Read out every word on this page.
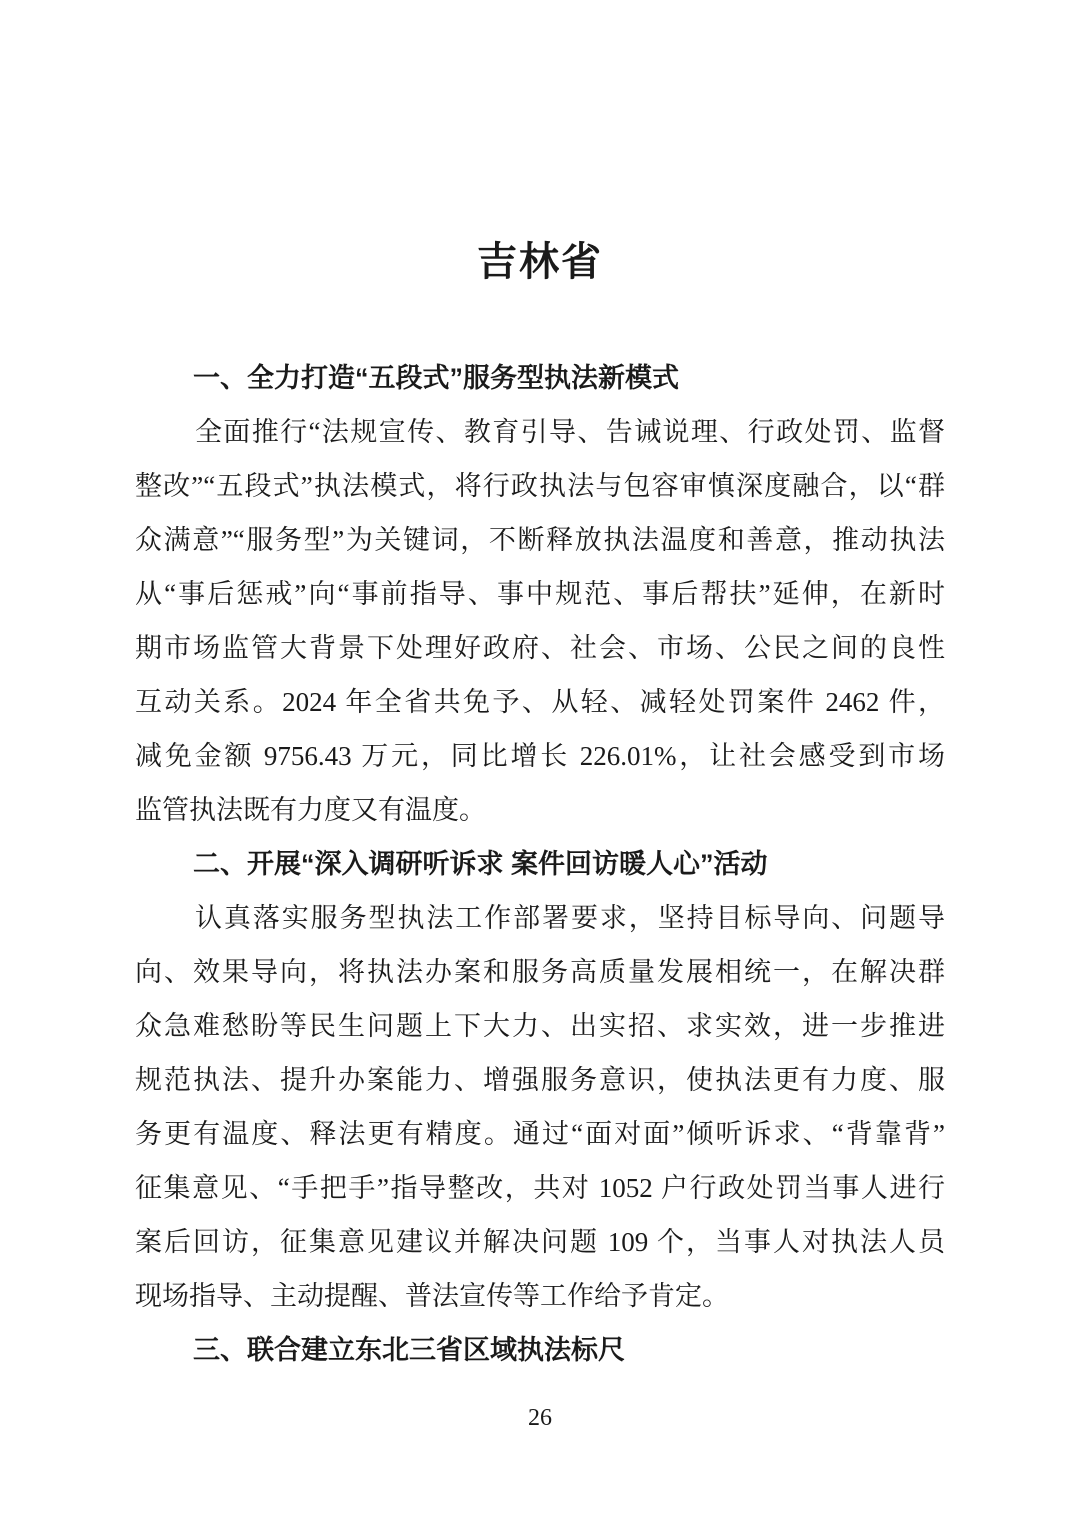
吉林省
一、全力打造“五段式”服务型执法新模式
全面推行“法规宣传、教育引导、告诫说理、行政处罚、监督
整改”“五段式”执法模式，将行政执法与包容审慎深度融合，以“群
众满意”“服务型”为关键词，不断释放执法温度和善意，推动执法
从“事后惩戒”向“事前指导、事中规范、事后帮扶”延伸，在新时
期市场监管大背景下处理好政府、社会、市场、公民之间的良性
互动关系。2024 年全省共免予、从轻、减轻处罚案件 2462 件，
减免金额 9756.43 万元，同比增长 226.01%，让社会感受到市场
监管执法既有力度又有温度。
二、开展“深入调研听诉求 案件回访暖人心”活动
认真落实服务型执法工作部署要求，坚持目标导向、问题导
向、效果导向，将执法办案和服务高质量发展相统一，在解决群
众急难愁盼等民生问题上下大力、出实招、求实效，进一步推进
规范执法、提升办案能力、增强服务意识，使执法更有力度、服
务更有温度、释法更有精度。通过“面对面”倾听诉求、“背靠背”
征集意见、“手把手”指导整改，共对 1052 户行政处罚当事人进行
案后回访，征集意见建议并解决问题 109 个，当事人对执法人员
现场指导、主动提醒、普法宣传等工作给予肯定。
三、联合建立东北三省区域执法标尺
26
